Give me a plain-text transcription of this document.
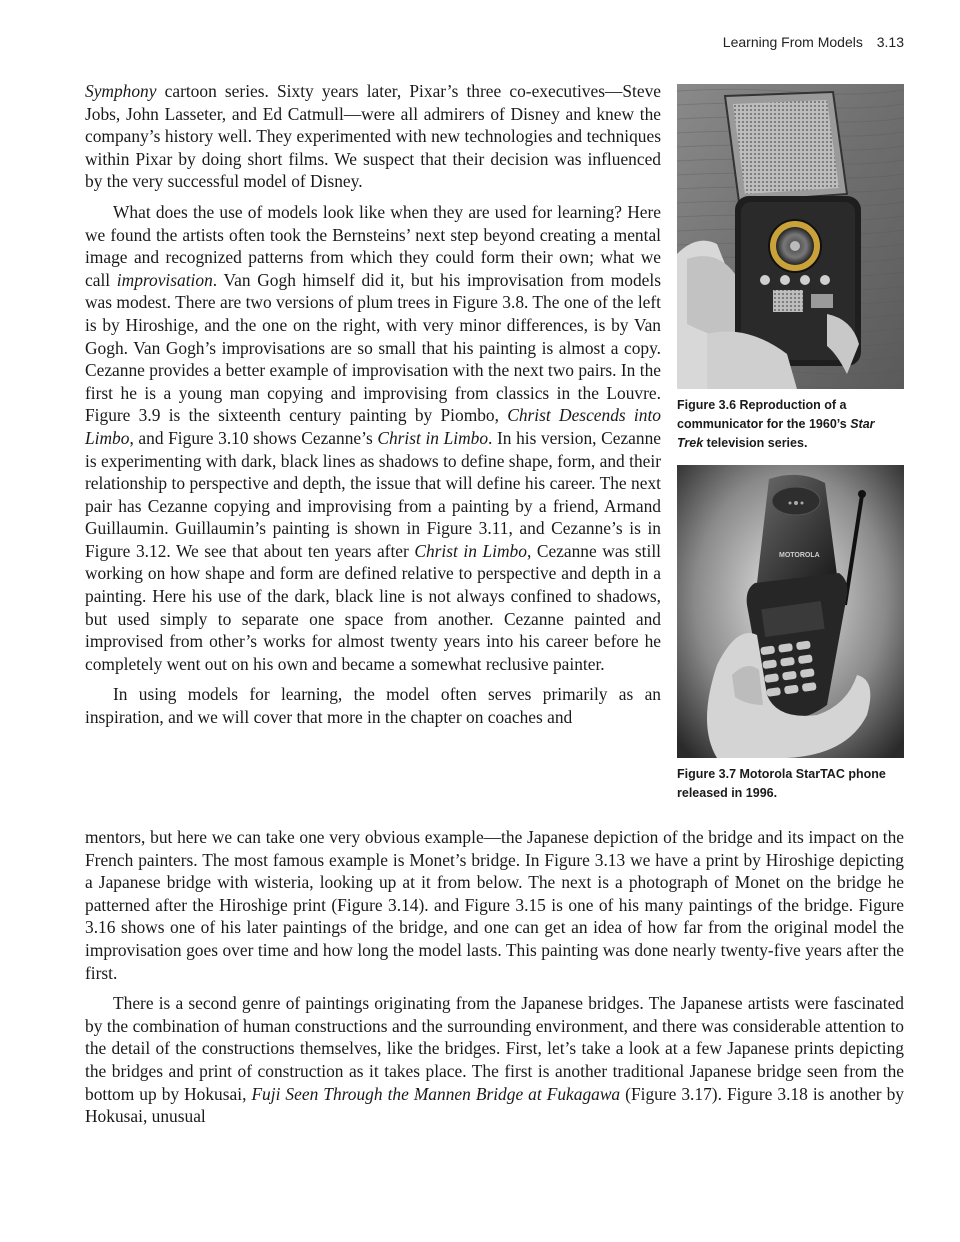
Learning From Models 3.13

Symphony cartoon series. Sixty years later, Pixar’s three co-executives—Steve Jobs, John Lasseter, and Ed Catmull—were all admirers of Disney and knew the company’s history well. They experimented with new technologies and techniques within Pixar by doing short films. We suspect that their decision was influenced by the very successful model of Disney.

What does the use of models look like when they are used for learning? Here we found the artists often took the Bernsteins’ next step beyond creating a mental image and recognized patterns from which they could form their own; what we call improvisation. Van Gogh himself did it, but his improvisation from models was modest. There are two versions of plum trees in Figure 3.8. The one of the left is by Hiroshige, and the one on the right, with very minor differences, is by Van Gogh. Van Gogh’s improvisations are so small that his painting is almost a copy. Cezanne provides a better example of improvisation with the next two pairs. In the first he is a young man copying and improvising from classics in the Louvre. Figure 3.9 is the sixteenth century painting by Piombo, Christ Descends into Limbo, and Figure 3.10 shows Cezanne’s Christ in Limbo. In his version, Cezanne is experimenting with dark, black lines as shadows to define shape, form, and their relationship to perspective and depth, the issue that will define his career. The next pair has Cezanne copying and improvising from a painting by a friend, Armand Guillaumin. Guillaumin’s painting is shown in Figure 3.11, and Cezanne’s is in Figure 3.12. We see that about ten years after Christ in Limbo, Cezanne was still working on how shape and form are defined relative to perspective and depth in a painting. Here his use of the dark, black line is not always confined to shadows, but used simply to separate one space from another. Cezanne painted and improvised from other’s works for almost twenty years into his career before he completely went out on his own and became a somewhat reclusive painter.

In using models for learning, the model often serves primarily as an inspiration, and we will cover that more in the chapter on coaches and

mentors, but here we can take one very obvious example—the Japanese depiction of the bridge and its impact on the French painters. The most famous example is Monet’s bridge. In Figure 3.13 we have a print by Hiroshige depicting a Japanese bridge with wisteria, looking up at it from below. The next is a photograph of Monet on the bridge he patterned after the Hiroshige print (Figure 3.14). and Figure 3.15 is one of his many paintings of the bridge. Figure 3.16 shows one of his later paintings of the bridge, and one can get an idea of how far from the original model the improvisation goes over time and how long the model lasts. This painting was done nearly twenty-five years after the first.

There is a second genre of paintings originating from the Japanese bridges. The Japanese artists were fascinated by the combination of human constructions and the surrounding environment, and there was considerable attention to the detail of the constructions themselves, like the bridges. First, let’s take a look at a few Japanese prints depicting the bridges and print of construction as it takes place. The first is another traditional Japanese bridge seen from the bottom up by Hokusai, Fuji Seen Through the Mannen Bridge at Fukagawa (Figure 3.17). Figure 3.18 is another by Hokusai, unusual

Figure 3.6 Reproduction of a communicator for the 1960’s Star Trek television series.
MOTOROLA
Figure 3.7 Motorola StarTAC phone released in 1996.
